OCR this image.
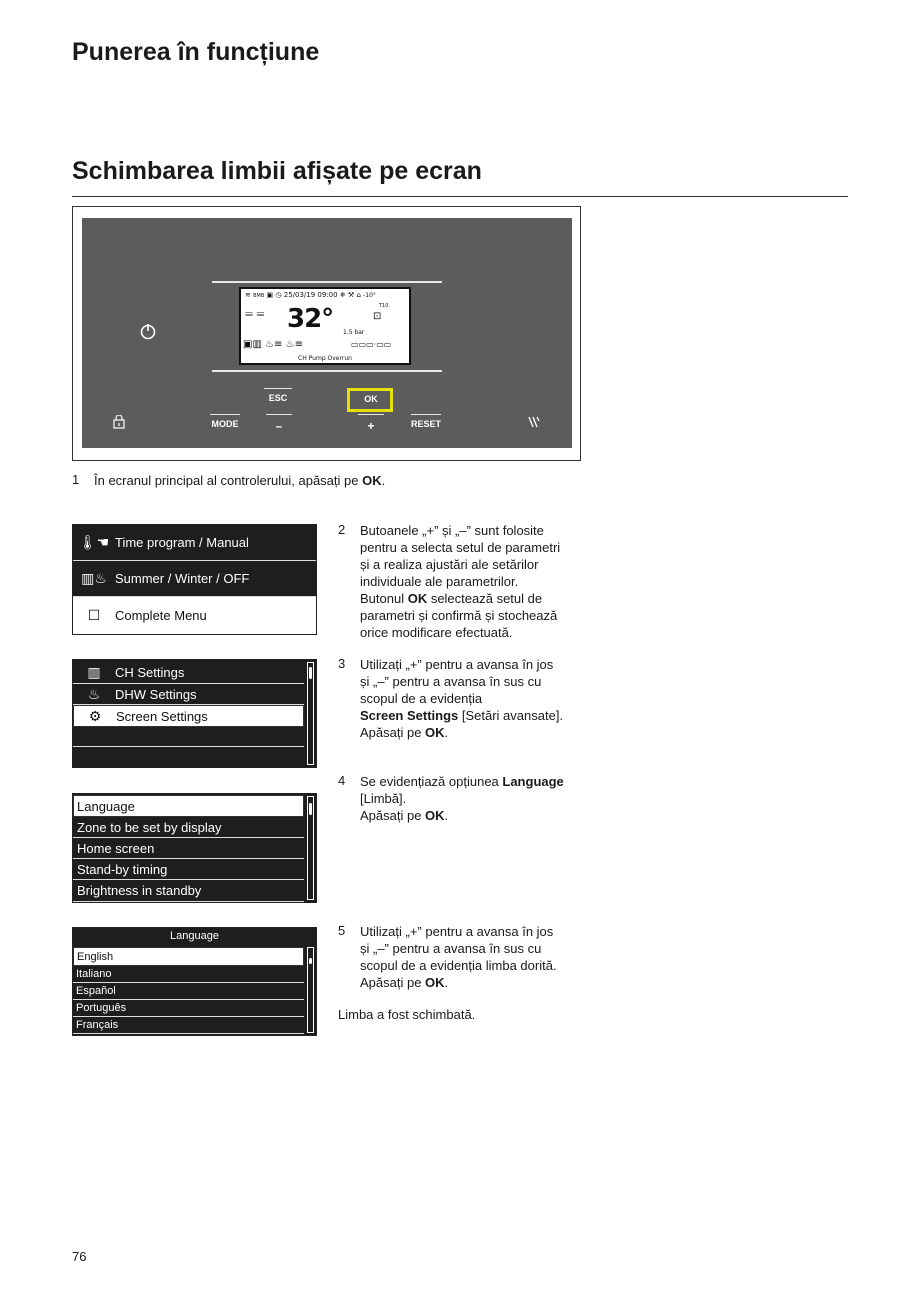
Punerea în funcțiune
Schimbarea limbii afișate pe ecran
≋ BMB ▣ ◷ 25/03/19 09:00 ❄ ⚒ ⌂ -10°
𝍢 𝍢 32° 1.5 bar
T10
⊡
▣▥ ♨≡ ♨≡	▭▭▭·▭▭
CH Pump Overrun
ESC	OK
MODE	–	+	RESET
1 În ecranul principal al controlerului, apăsați pe OK.
🌡︎☚ Time program / Manual
▥♨ Summer / Winter / OFF
☐	Complete Menu
2 Butoanele „+” și „–” sunt folosite
pentru a selecta setul de parametri
și a realiza ajustări ale setărilor
individuale ale parametrilor.
Butonul OK selectează setul de
parametri și confirmă și stochează
orice modificare efectuată.
▥	CH Settings
♨	DHW Settings
⚙	Screen Settings
3 Utilizați „+” pentru a avansa în jos
și „–” pentru a avansa în sus cu
scopul de a evidenția
Screen Settings [Setări avansate].
Apăsați pe OK.
4 Se evidențiază opțiunea Language
[Limbă].
Apăsați pe OK.
Language
Zone to be set by display
Home screen
Stand-by timing
Brightness in standby
Language
English
Italiano
Español
Português
Français
5 Utilizați „+” pentru a avansa în jos
și „–” pentru a avansa în sus cu
scopul de a evidenția limba dorită.
Apăsați pe OK.
Limba a fost schimbată.
76
